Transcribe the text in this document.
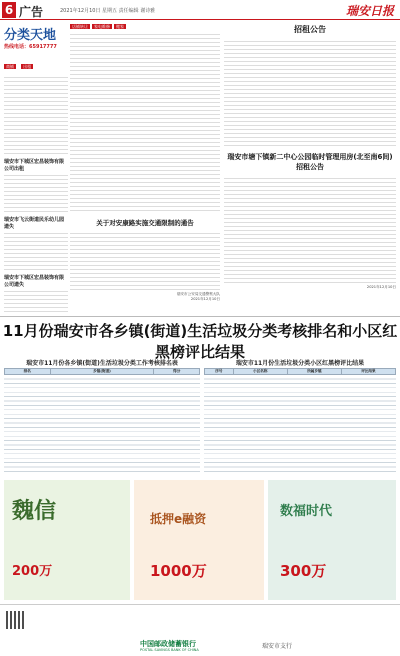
6 广告	2021年12月10日 星期五 责任编辑 谢诗雅	瑞安日报
分类天地
热线电话：65917777
商铺 出租
瑞安市下城区宏昌装饰有限公司出租
瑞安市飞云街道民乐幼儿园遗失
瑞安市下城区宏昌装饰有限公司遗失
店铺转让	家电维修	搬家
关于对安康路实施交通限制的通告
瑞安市公安局交通警察大队
2021年12月10日
招租公告
瑞安市塘下镇新二中心公园临时管理用房(北至南6间)招租公告
2021年12月10日
11月份瑞安市各乡镇(街道)生活垃圾分类考核排名和小区红黑榜评比结果
瑞安市11月份各乡镇(街道)生活垃圾分类工作考核排名表	瑞安市11月份生活垃圾分类小区红黑榜评比结果
排名	乡镇(街道)	得分	序号	小区名称	所属乡镇	评比结果
魏信
200万
抵押e融资
1000万
数福时代
300万
中国邮政储蓄银行
POSTAL SAVINGS BANK OF CHINA	瑞安市支行
